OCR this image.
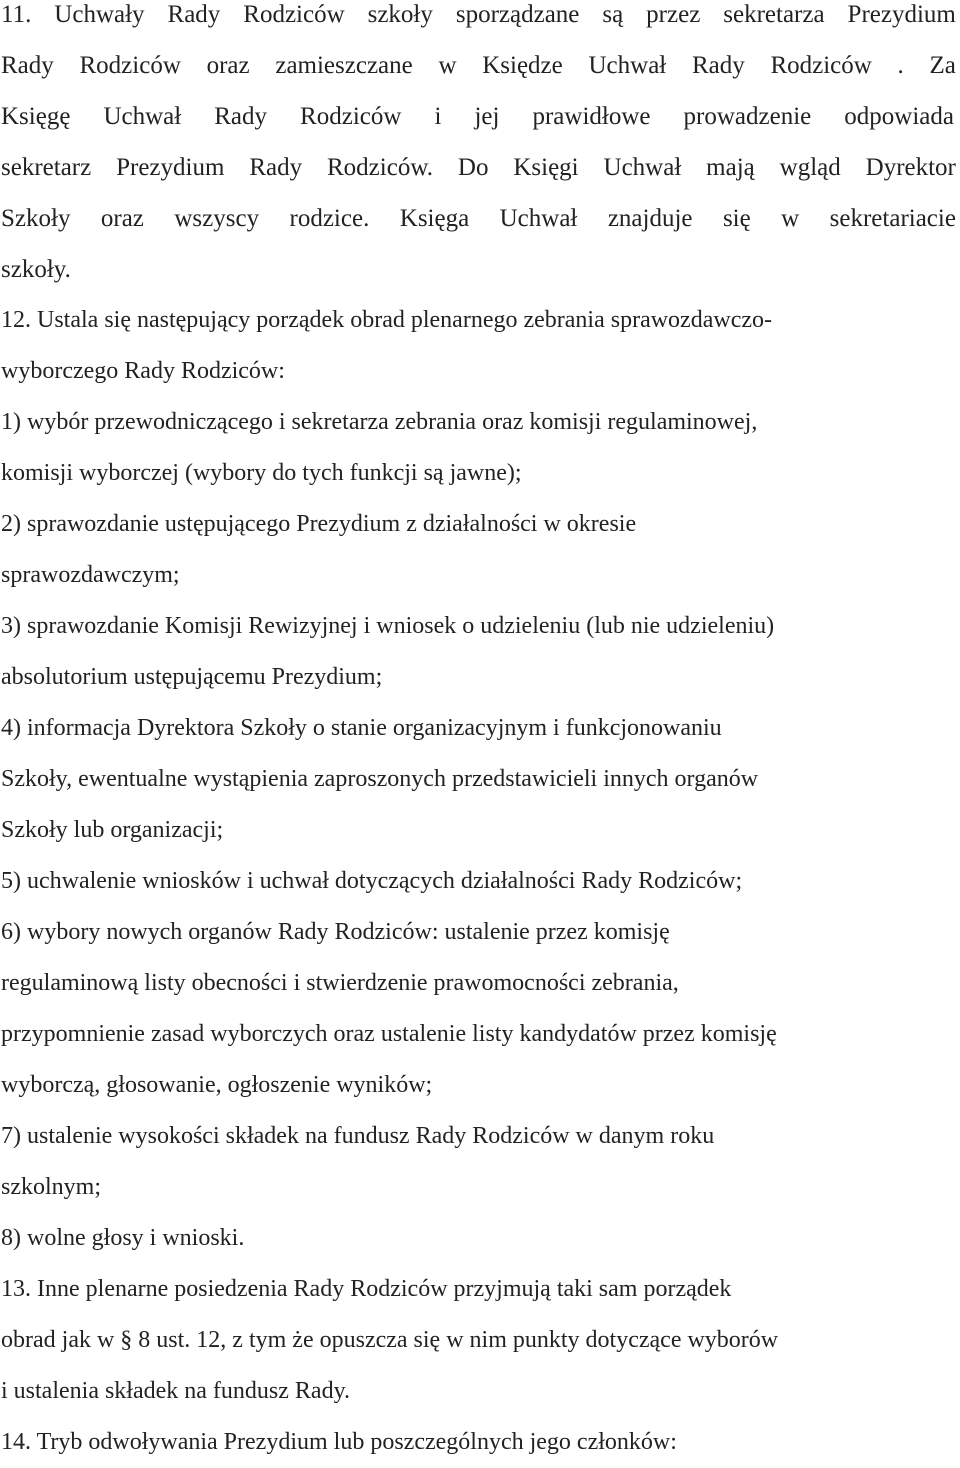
11. Uchwały Rady Rodziców szkoły sporządzane są przez sekretarza Prezydium
Rady Rodziców oraz zamieszczane w Księdze Uchwał Rady Rodziców . Za
Księgę Uchwał Rady Rodziców i jej prawidłowe prowadzenie odpowiada
sekretarz Prezydium Rady Rodziców. Do Księgi Uchwał mają wgląd Dyrektor
Szkoły oraz wszyscy rodzice. Księga Uchwał znajduje się w sekretariacie
szkoły.
12. Ustala się następujący porządek obrad plenarnego zebrania sprawozdawczo-
wyborczego Rady Rodziców:
1) wybór przewodniczącego i sekretarza zebrania oraz komisji regulaminowej,
komisji wyborczej (wybory do tych funkcji są jawne);
2) sprawozdanie ustępującego Prezydium z działalności w okresie
sprawozdawczym;
3) sprawozdanie Komisji Rewizyjnej i wniosek o udzieleniu (lub nie udzieleniu)
absolutorium ustępującemu Prezydium;
4) informacja Dyrektora Szkoły o stanie organizacyjnym i funkcjonowaniu
Szkoły, ewentualne wystąpienia zaproszonych przedstawicieli innych organów
Szkoły lub organizacji;
5) uchwalenie wniosków i uchwał dotyczących działalności Rady Rodziców;
6) wybory nowych organów Rady Rodziców: ustalenie przez komisję
regulaminową listy obecności i stwierdzenie prawomocności zebrania,
przypomnienie zasad wyborczych oraz ustalenie listy kandydatów przez komisję
wyborczą, głosowanie, ogłoszenie wyników;
7) ustalenie wysokości składek na fundusz Rady Rodziców w danym roku
szkolnym;
8) wolne głosy i wnioski.
13. Inne plenarne posiedzenia Rady Rodziców przyjmują taki sam porządek
obrad jak w § 8 ust. 12, z tym że opuszcza się w nim punkty dotyczące wyborów
i ustalenia składek na fundusz Rady.
14. Tryb odwoływania Prezydium lub poszczególnych jego członków:
